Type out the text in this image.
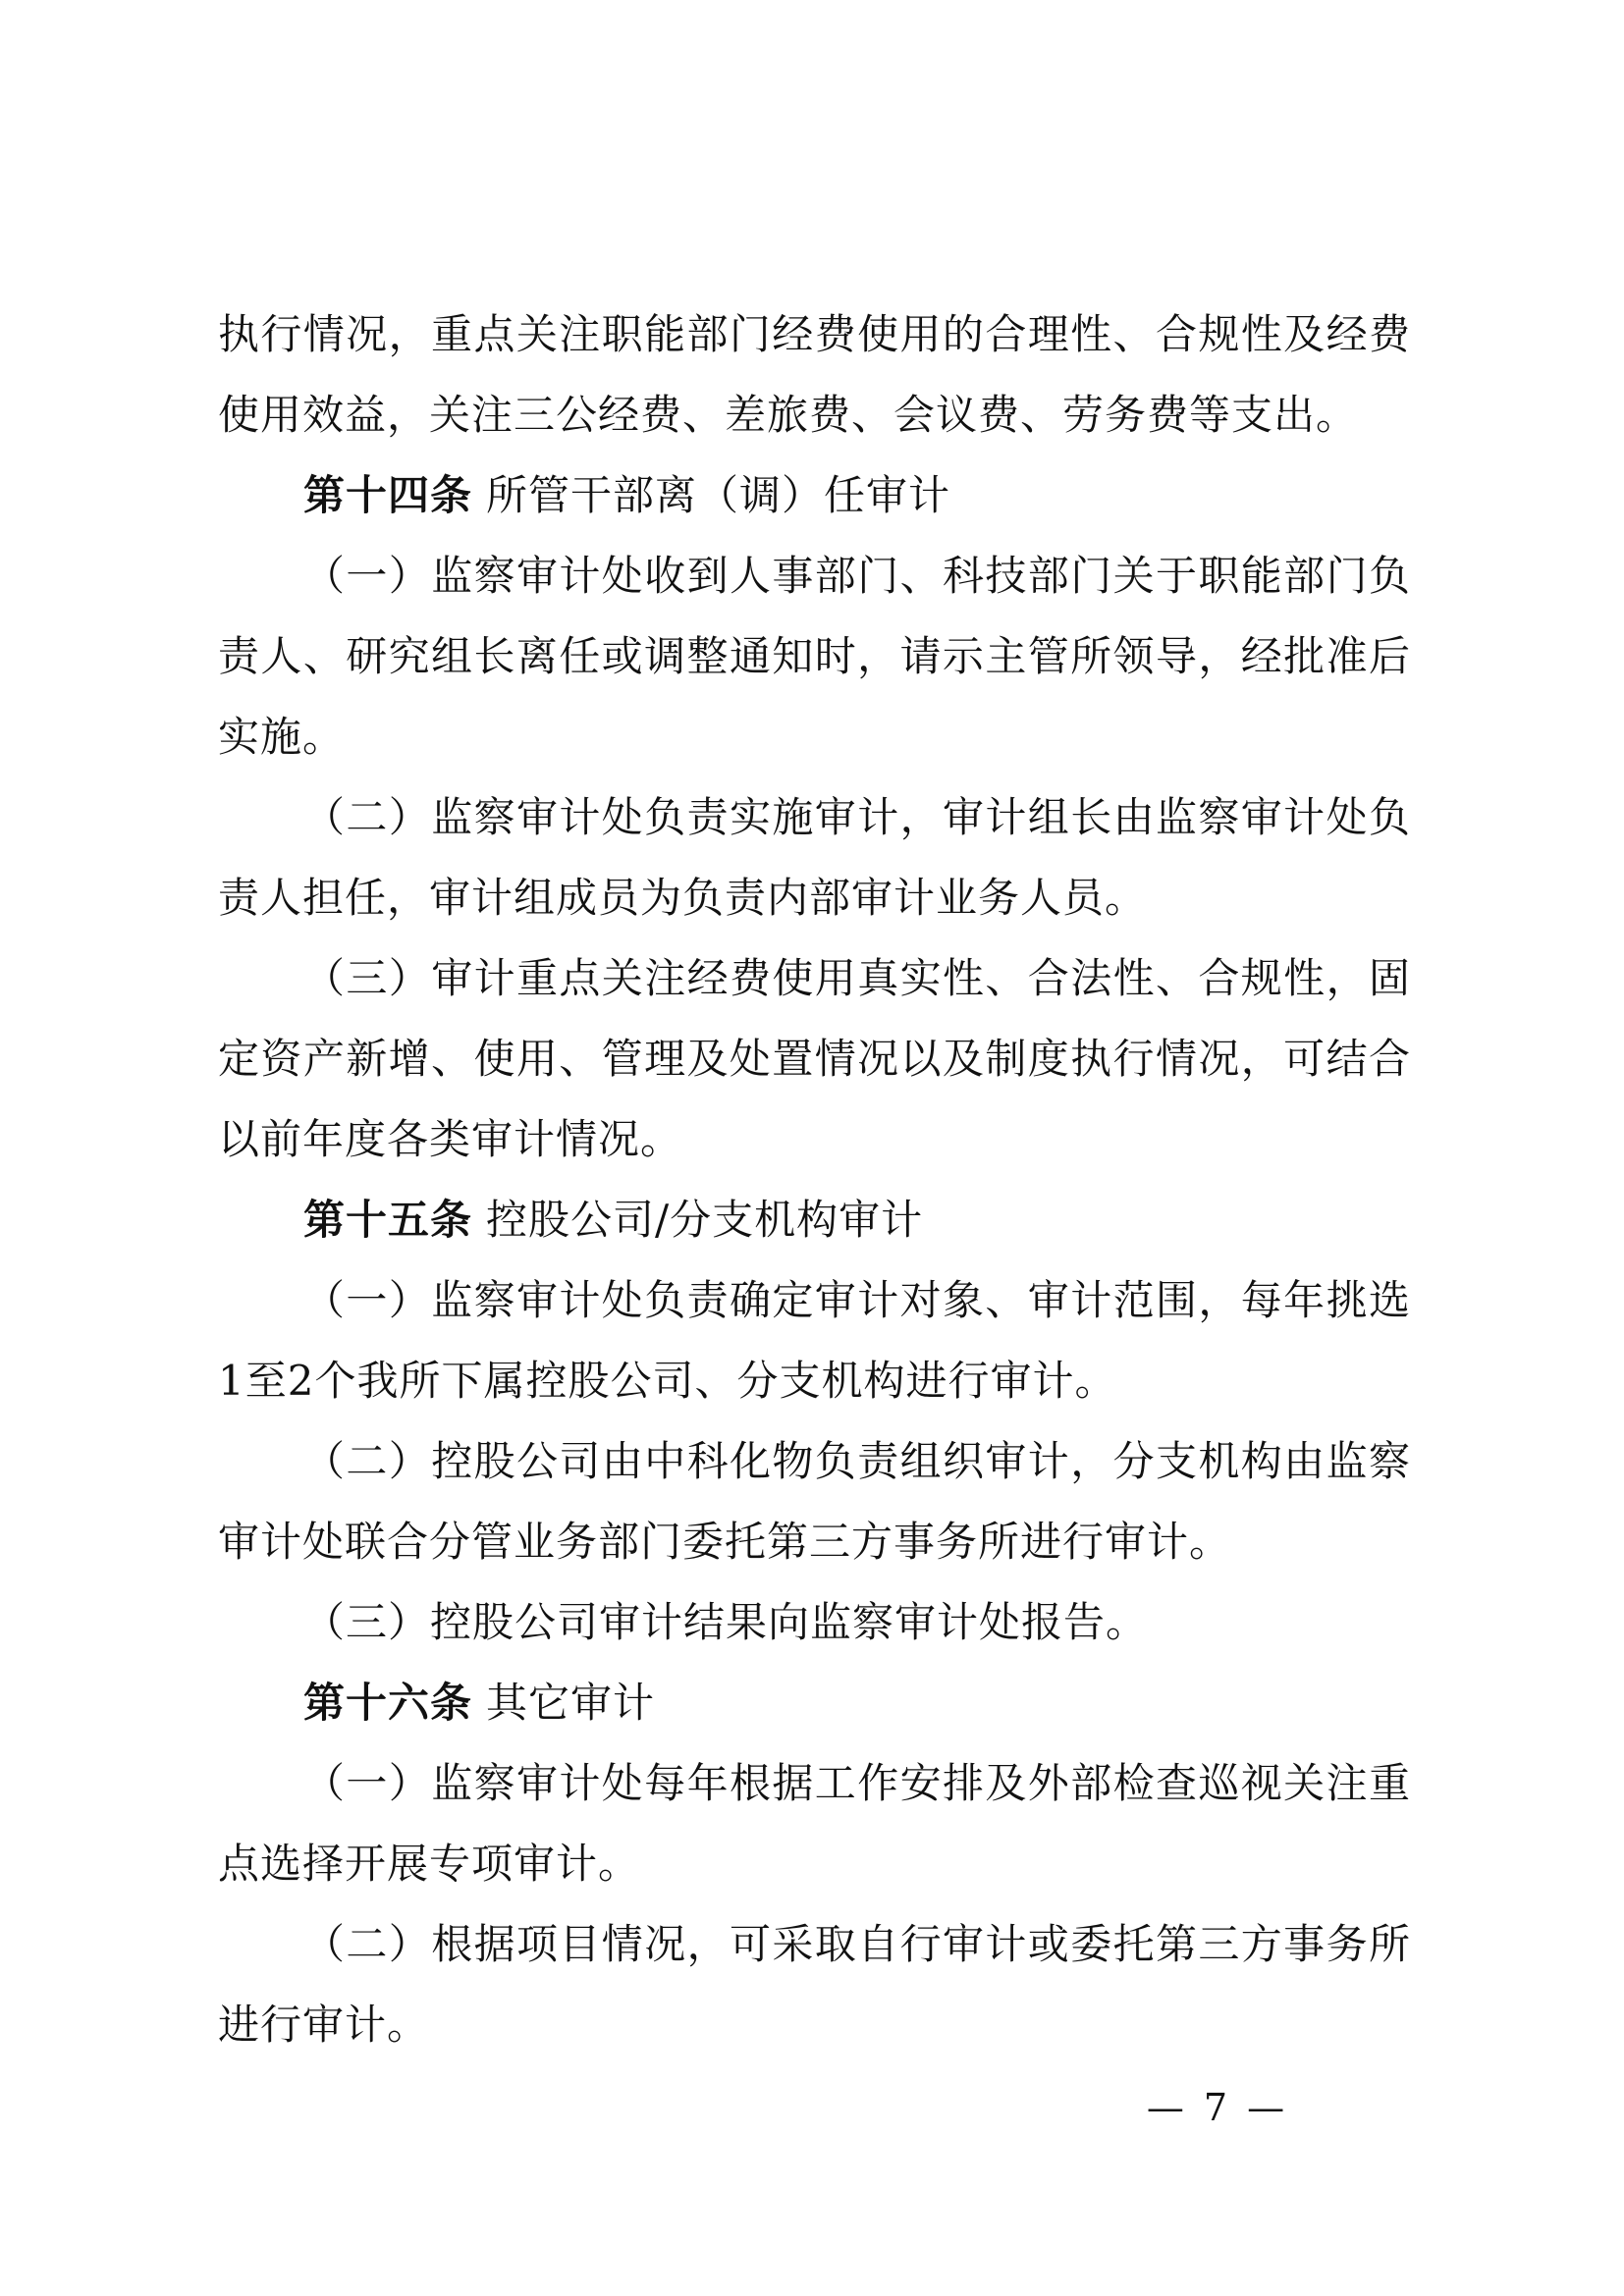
执行情况，重点关注职能部门经费使用的合理性、合规性及经费使用效益，关注三公经费、差旅费、会议费、劳务费等支出。

第十四条 所管干部离（调）任审计

（一）监察审计处收到人事部门、科技部门关于职能部门负责人、研究组长离任或调整通知时，请示主管所领导，经批准后实施。

（二）监察审计处负责实施审计，审计组长由监察审计处负责人担任，审计组成员为负责内部审计业务人员。

（三）审计重点关注经费使用真实性、合法性、合规性，固定资产新增、使用、管理及处置情况以及制度执行情况，可结合以前年度各类审计情况。

第十五条 控股公司/分支机构审计

（一）监察审计处负责确定审计对象、审计范围，每年挑选1至2个我所下属控股公司、分支机构进行审计。

（二）控股公司由中科化物负责组织审计，分支机构由监察审计处联合分管业务部门委托第三方事务所进行审计。

（三）控股公司审计结果向监察审计处报告。

第十六条 其它审计

（一）监察审计处每年根据工作安排及外部检查巡视关注重点选择开展专项审计。

（二）根据项目情况，可采取自行审计或委托第三方事务所进行审计。

— 7 —
